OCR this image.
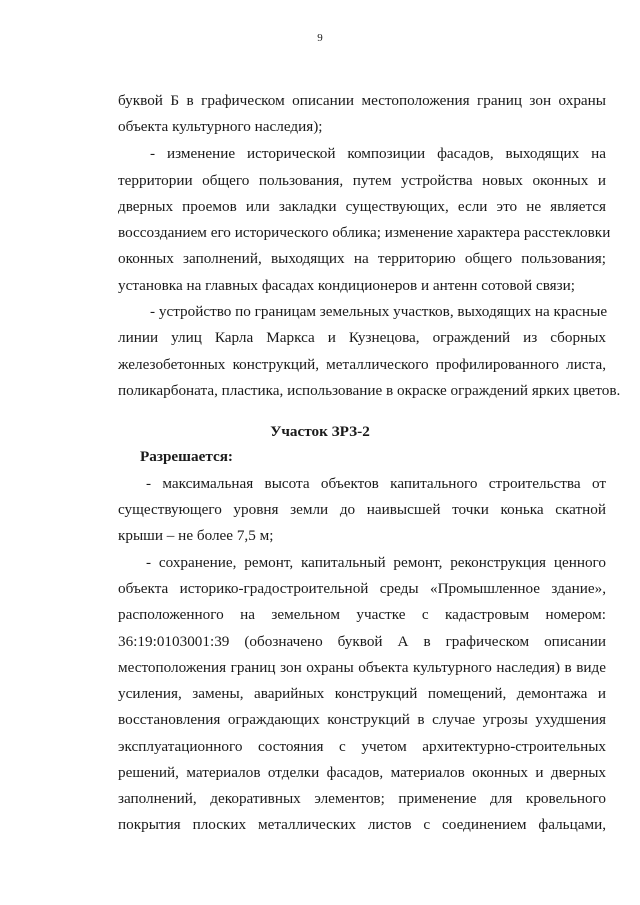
9
буквой Б в графическом описании местоположения границ зон охраны
объекта культурного наследия);
- изменение исторической композиции фасадов, выходящих на
территории общего пользования, путем устройства новых оконных и
дверных проемов или закладки существующих, если это не является
воссозданием его исторического облика; изменение характера расстекловки
оконных заполнений, выходящих на территорию общего пользования;
установка на главных фасадах кондиционеров и антенн сотовой связи;
- устройство по границам земельных участков, выходящих на красные
линии улиц Карла Маркса и Кузнецова, ограждений из сборных
железобетонных конструкций, металлического профилированного листа,
поликарбоната, пластика, использование в окраске ограждений ярких цветов.
Участок ЗРЗ-2
Разрешается:
- максимальная высота объектов капитального строительства от
существующего уровня земли до наивысшей точки конька скатной
крыши – не более 7,5 м;
- сохранение, ремонт, капитальный ремонт, реконструкция ценного
объекта историко-градостроительной среды «Промышленное здание»,
расположенного на земельном участке с кадастровым номером:
36:19:0103001:39 (обозначено буквой А в графическом описании
местоположения границ зон охраны объекта культурного наследия) в виде
усиления, замены, аварийных конструкций помещений, демонтажа и
восстановления ограждающих конструкций в случае угрозы ухудшения
эксплуатационного состояния с учетом архитектурно-строительных
решений, материалов отделки фасадов, материалов оконных и дверных
заполнений, декоративных элементов; применение для кровельного
покрытия плоских металлических листов с соединением фальцами,
